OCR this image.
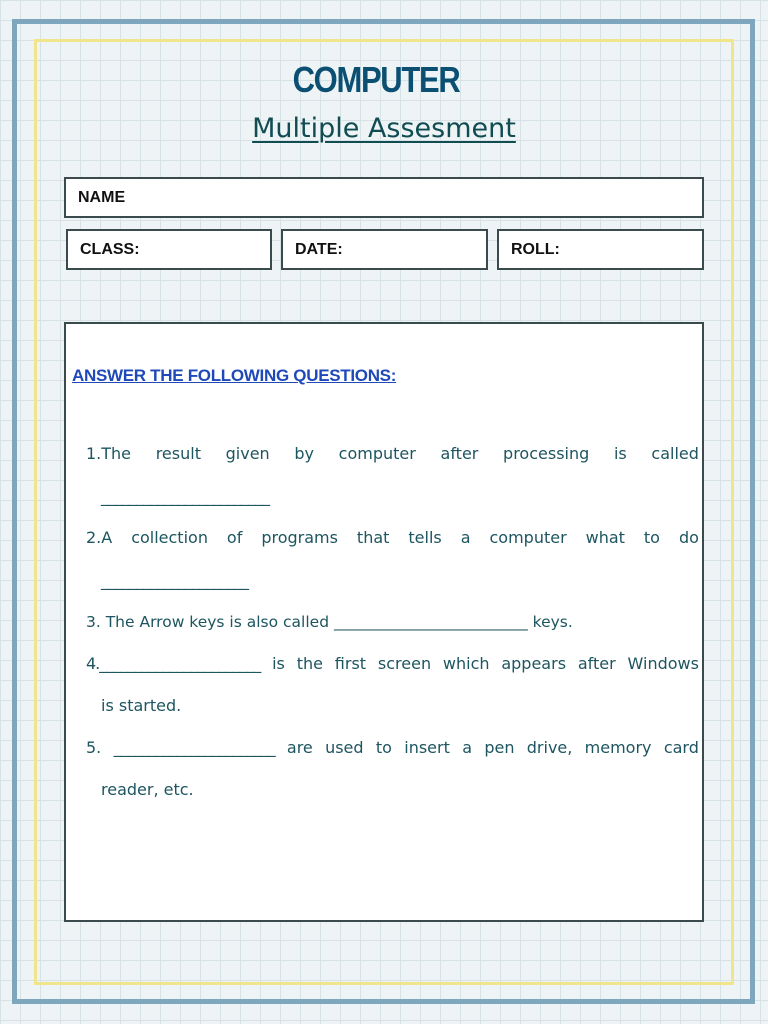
COMPUTER
Multiple Assesment
NAME
CLASS:	DATE:	ROLL:
ANSWER THE FOLLOWING QUESTIONS:
1.The result given by computer after processing is called
________________________
2.A collection of programs that tells a computer what to do
_____________________
3. The Arrow keys is also called _________________________ keys.
4._______________________ is the first screen which appears after Windows
is started.
5. _______________________ are used to insert a pen drive, memory card
reader, etc.
